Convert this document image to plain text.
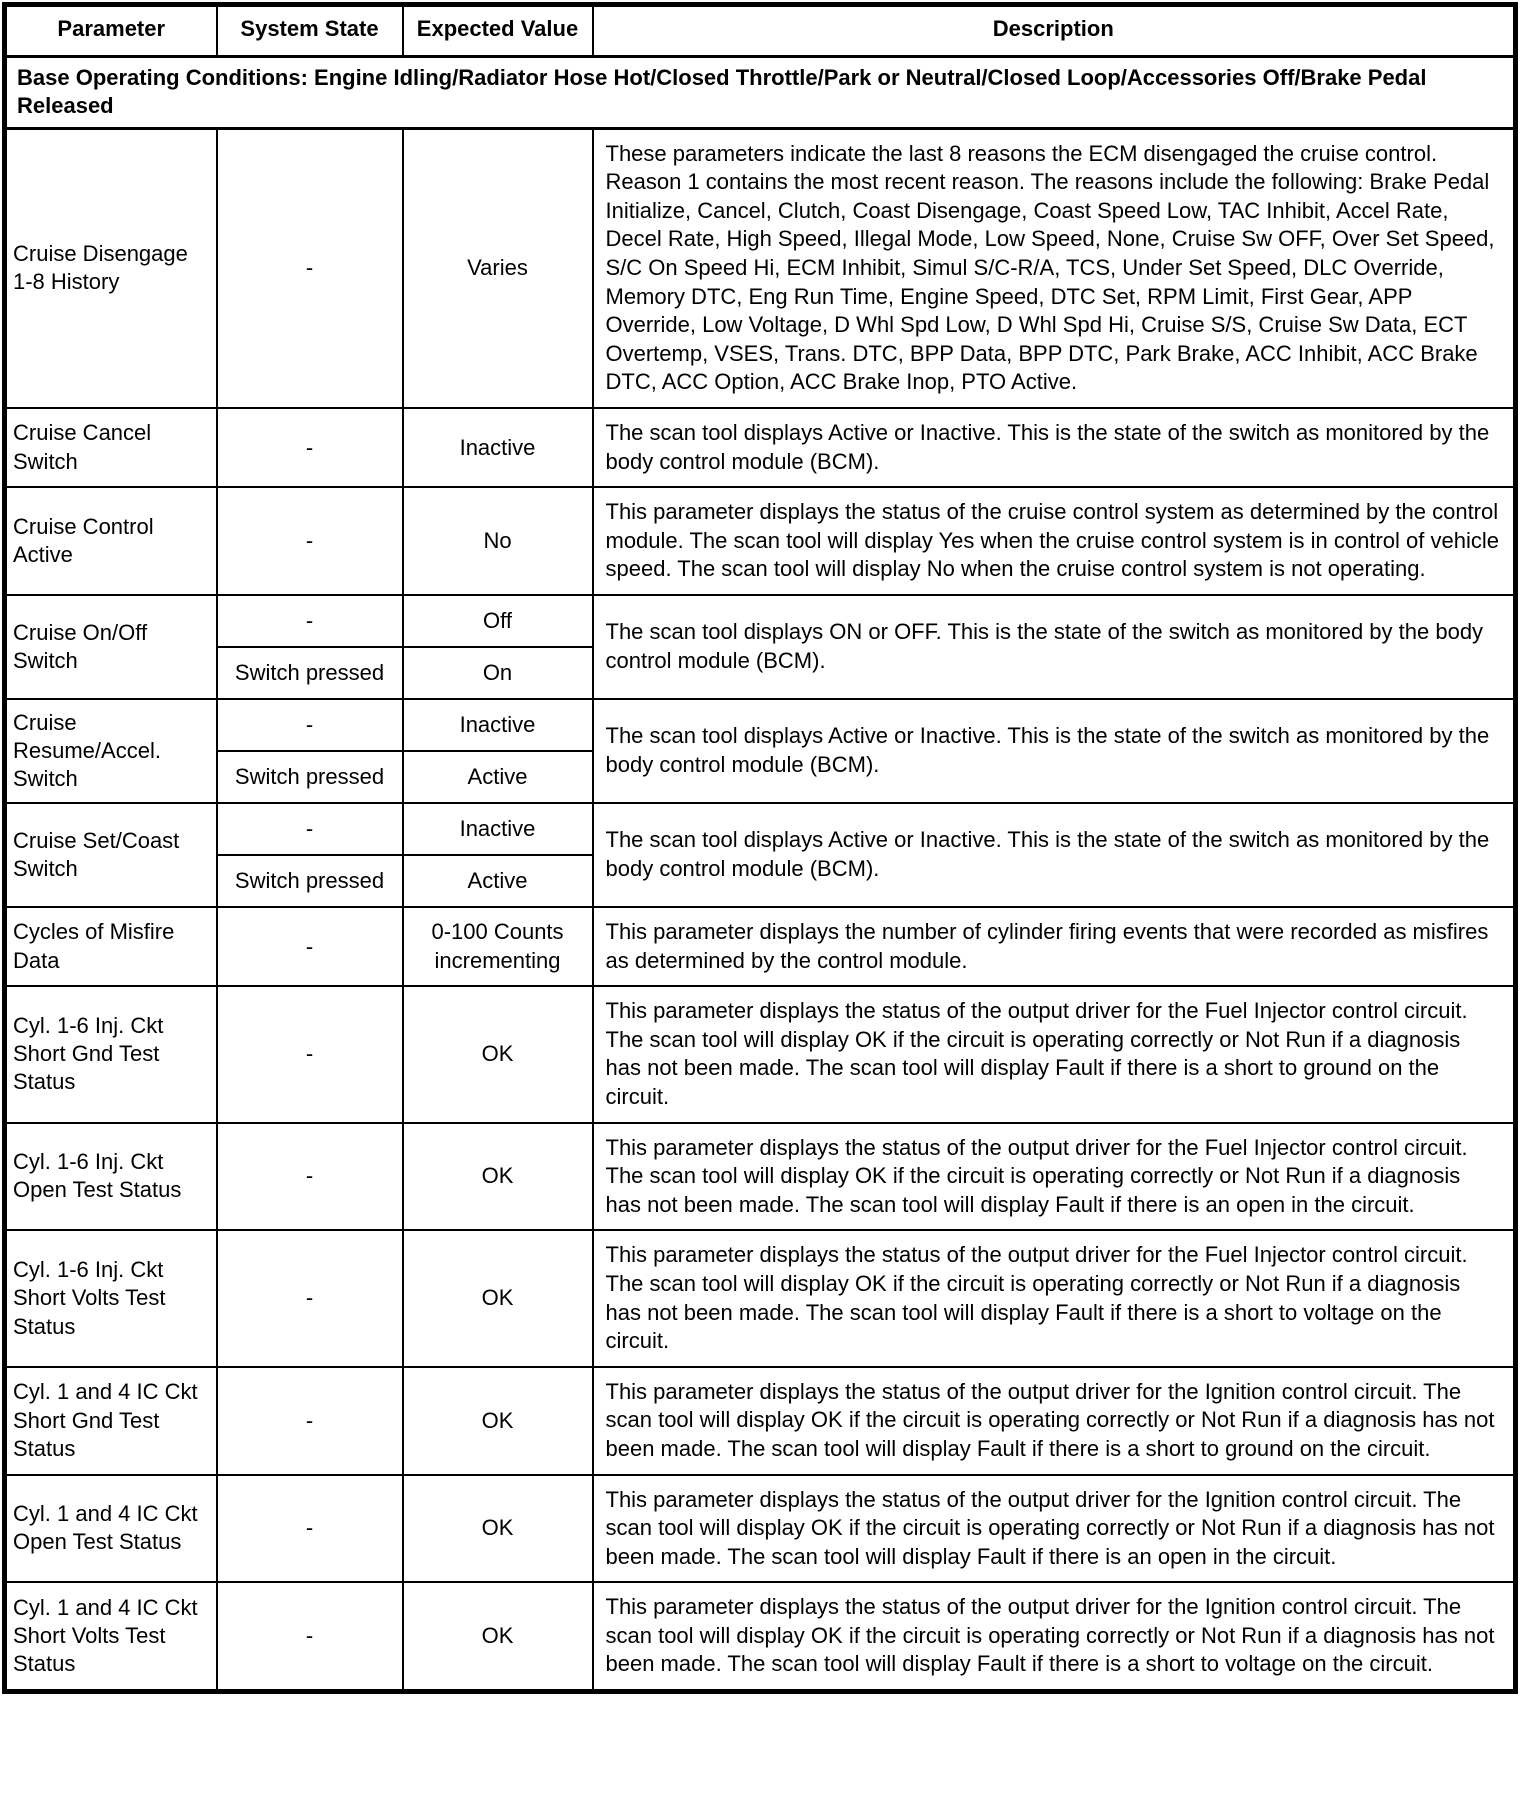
Parameter	System State	Expected Value	Description
Base Operating Conditions: Engine Idling/Radiator Hose Hot/Closed Throttle/Park or Neutral/Closed Loop/Accessories Off/Brake Pedal Released			
Cruise Disengage 1-8 History	-	Varies	These parameters indicate the last 8 reasons the ECM disengaged the cruise control. Reason 1 contains the most recent reason. The reasons include the following: Brake Pedal Initialize, Cancel, Clutch, Coast Disengage, Coast Speed Low, TAC Inhibit, Accel Rate, Decel Rate, High Speed, Illegal Mode, Low Speed, None, Cruise Sw OFF, Over Set Speed, S/C On Speed Hi, ECM Inhibit, Simul S/C-R/A, TCS, Under Set Speed, DLC Override, Memory DTC, Eng Run Time, Engine Speed, DTC Set, RPM Limit, First Gear, APP Override, Low Voltage, D Whl Spd Low, D Whl Spd Hi, Cruise S/S, Cruise Sw Data, ECT Overtemp, VSES, Trans. DTC, BPP Data, BPP DTC, Park Brake, ACC Inhibit, ACC Brake DTC, ACC Option, ACC Brake Inop, PTO Active.
Cruise Cancel Switch	-	Inactive	The scan tool displays Active or Inactive. This is the state of the switch as monitored by the body control module (BCM).
Cruise Control Active	-	No	This parameter displays the status of the cruise control system as determined by the control module. The scan tool will display Yes when the cruise control system is in control of vehicle speed. The scan tool will display No when the cruise control system is not operating.
Cruise On/Off Switch	-	Off	The scan tool displays ON or OFF. This is the state of the switch as monitored by the body control module (BCM).
	Switch pressed	On	
Cruise Resume/Accel. Switch	-	Inactive	The scan tool displays Active or Inactive. This is the state of the switch as monitored by the body control module (BCM).
	Switch pressed	Active	
Cruise Set/Coast Switch	-	Inactive	The scan tool displays Active or Inactive. This is the state of the switch as monitored by the body control module (BCM).
	Switch pressed	Active	
Cycles of Misfire Data	-	0-100 Counts incrementing	This parameter displays the number of cylinder firing events that were recorded as misfires as determined by the control module.
Cyl. 1-6 Inj. Ckt Short Gnd Test Status	-	OK	This parameter displays the status of the output driver for the Fuel Injector control circuit. The scan tool will display OK if the circuit is operating correctly or Not Run if a diagnosis has not been made. The scan tool will display Fault if there is a short to ground on the circuit.
Cyl. 1-6 Inj. Ckt Open Test Status	-	OK	This parameter displays the status of the output driver for the Fuel Injector control circuit. The scan tool will display OK if the circuit is operating correctly or Not Run if a diagnosis has not been made. The scan tool will display Fault if there is an open in the circuit.
Cyl. 1-6 Inj. Ckt Short Volts Test Status	-	OK	This parameter displays the status of the output driver for the Fuel Injector control circuit. The scan tool will display OK if the circuit is operating correctly or Not Run if a diagnosis has not been made. The scan tool will display Fault if there is a short to voltage on the circuit.
Cyl. 1 and 4 IC Ckt Short Gnd Test Status	-	OK	This parameter displays the status of the output driver for the Ignition control circuit. The scan tool will display OK if the circuit is operating correctly or Not Run if a diagnosis has not been made. The scan tool will display Fault if there is a short to ground on the circuit.
Cyl. 1 and 4 IC Ckt Open Test Status	-	OK	This parameter displays the status of the output driver for the Ignition control circuit. The scan tool will display OK if the circuit is operating correctly or Not Run if a diagnosis has not been made. The scan tool will display Fault if there is an open in the circuit.
Cyl. 1 and 4 IC Ckt Short Volts Test Status	-	OK	This parameter displays the status of the output driver for the Ignition control circuit. The scan tool will display OK if the circuit is operating correctly or Not Run if a diagnosis has not been made. The scan tool will display Fault if there is a short to voltage on the circuit.
